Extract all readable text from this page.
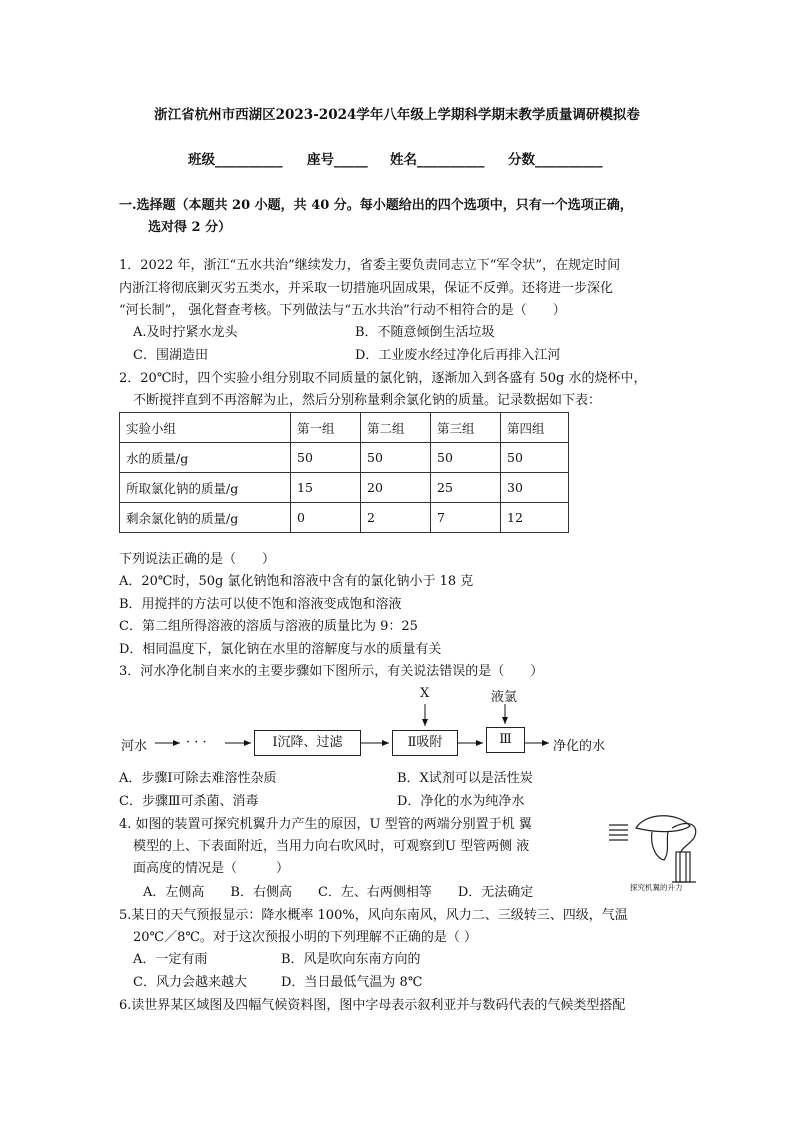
浙江省杭州市西湖区2023-2024学年八年级上学期科学期末教学质量调研模拟卷
班级__________ 座号_____ 姓名__________ 分数__________
一.选择题（本题共 20 小题，共 40 分。每小题给出的四个选项中，只有一个选项正确，
选对得 2 分）
1．2022 年，浙江“五水共治”继续发力，省委主要负责同志立下“军令状”，在规定时间
内浙江将彻底剿灭劣五类水，并采取一切措施巩固成果，保证不反弹。还将进一步深化
“河长制”， 强化督查考核。下列做法与“五水共治”行动不相符合的是（　　）
A.及时拧紧水龙头	B．不随意倾倒生活垃圾
C．围湖造田	D．工业废水经过净化后再排入江河
2．20℃时，四个实验小组分别取不同质量的氯化钠，逐渐加入到各盛有 50g 水的烧杯中，
不断搅拌直到不再溶解为止，然后分别称量剩余氯化钠的质量。记录数据如下表：
实验小组	第一组	第二组	第三组	第四组
水的质量/g	50	50	50	50
所取氯化钠的质量/g	15	20	25	30
剩余氯化钠的质量/g	0	2	7	12
下列说法正确的是（　　）
A．20℃时，50g 氯化钠饱和溶液中含有的氯化钠小于 18 克
B．用搅拌的方法可以使不饱和溶液变成饱和溶液
C．第二组所得溶液的溶质与溶液的质量比为 9：25
D．相同温度下，氯化钠在水里的溶解度与水的质量有关
3．河水净化制自来水的主要步骤如下图所示，有关说法错误的是（　　）
河水	· · ·	Ⅰ沉降、过滤	Ⅱ吸附	Ⅲ
X	液氯
净化的水
A．步骤Ⅰ可除去难溶性杂质	B．X试剂可以是活性炭
C．步骤Ⅲ可杀菌、消毒	D．净化的水为纯净水
4. 如图的装置可探究机翼升力产生的原因，U 型管的两端分别置于机 翼
模型的上、下表面附近，当用力向右吹风时，可观察到U 型管两侧 液
面高度的情况是（　　　）
A．左侧高　　B．右侧高　　C．左、右两侧相等　　D．无法确定	探究机翼的升力
5.某日的天气预报显示：降水概率 100%，风向东南风，风力二、三级转三、四级，气温
20℃／8℃。对于这次预报小明的下列理解不正确的是（ ）
A．一定有雨	B．风是吹向东南方向的
C．风力会越来越大	D．当日最低气温为 8℃
6.读世界某区域图及四幅气候资料图，图中字母表示叙利亚并与数码代表的气候类型搭配
